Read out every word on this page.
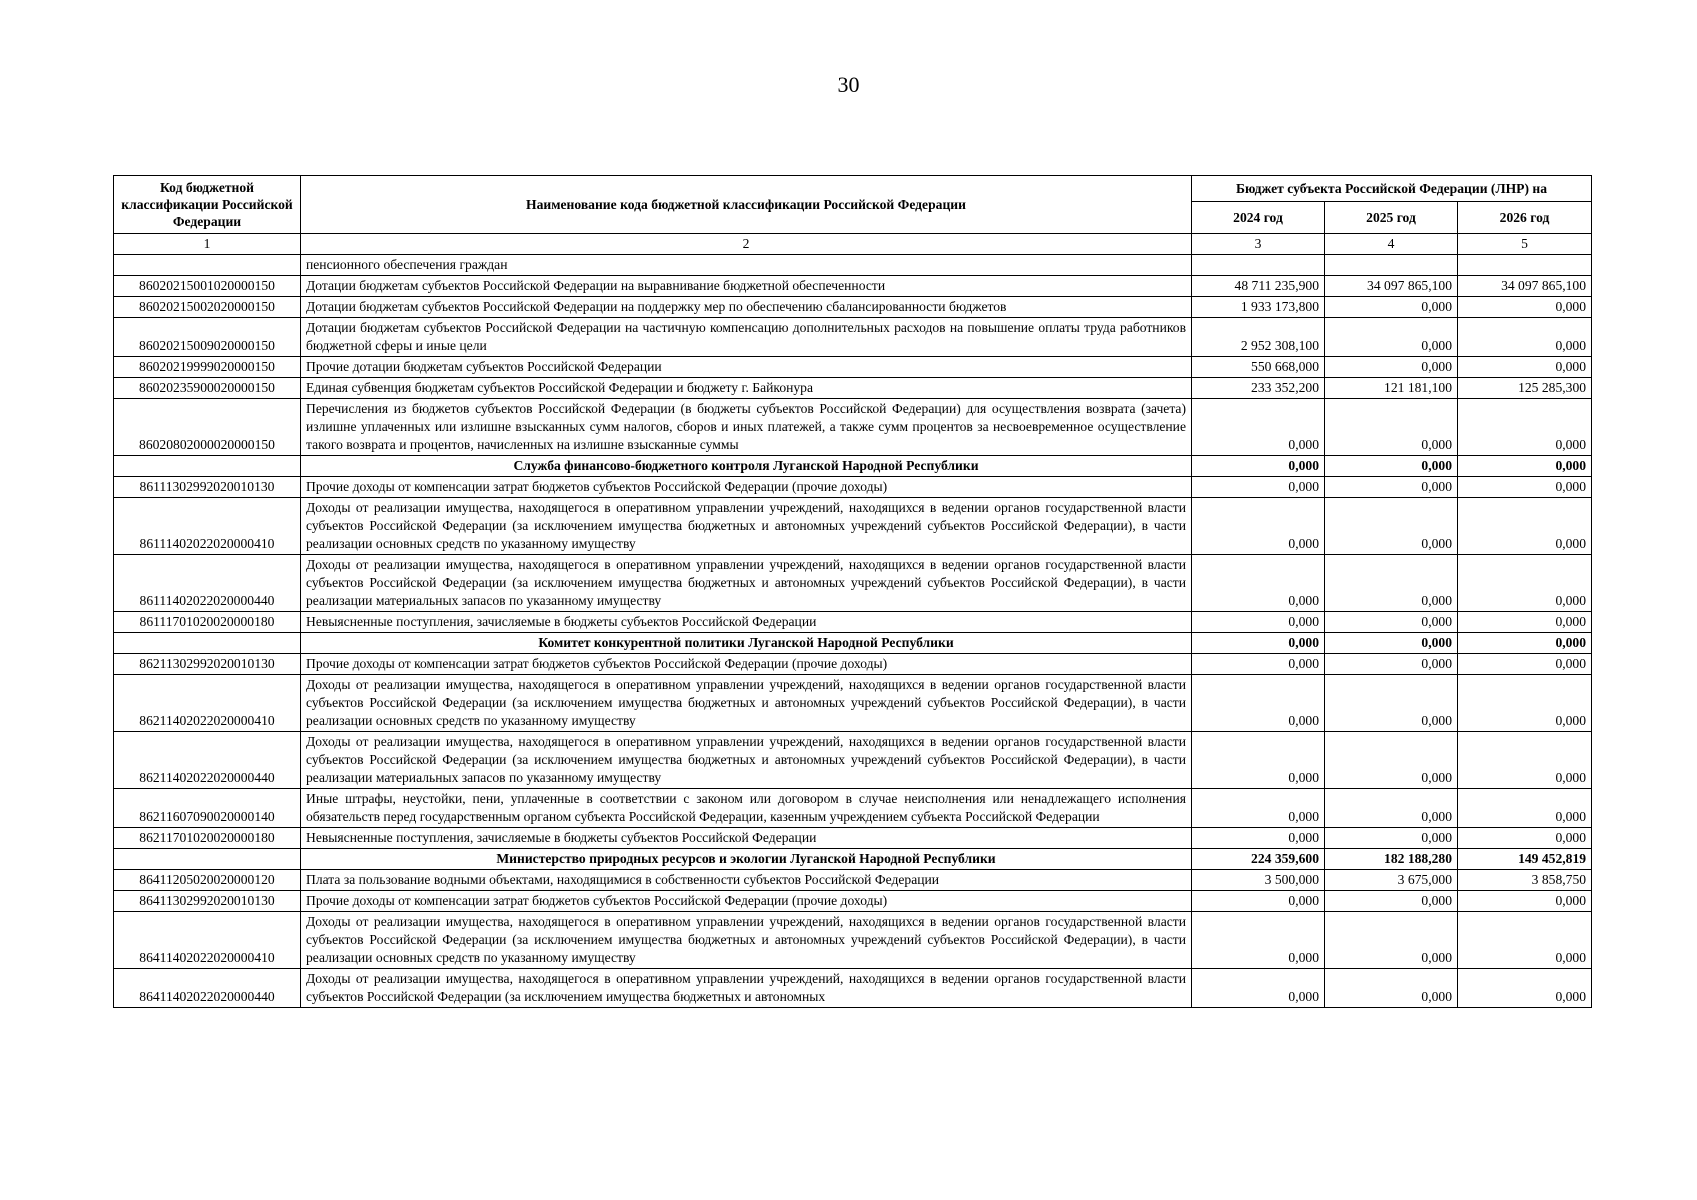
30
Код бюджетной классификации Российской Федерации	Наименование кода бюджетной классификации Российской Федерации	Бюджет субъекта Российской Федерации (ЛНР) на		
		2024 год	2025 год	2026 год
1	2	3	4	5
	пенсионного обеспечения граждан			
86020215001020000150	Дотации бюджетам субъектов Российской Федерации на выравнивание бюджетной обеспеченности	48 711 235,900	34 097 865,100	34 097 865,100
86020215002020000150	Дотации бюджетам субъектов Российской Федерации на поддержку мер по обеспечению сбалансированности бюджетов	1 933 173,800	0,000	0,000
86020215009020000150	Дотации бюджетам субъектов Российской Федерации на частичную компенсацию дополнительных расходов на повышение оплаты труда работников бюджетной сферы и иные цели	2 952 308,100	0,000	0,000
86020219999020000150	Прочие дотации бюджетам субъектов Российской Федерации	550 668,000	0,000	0,000
86020235900020000150	Единая субвенция бюджетам субъектов Российской Федерации и бюджету г. Байконура	233 352,200	121 181,100	125 285,300
86020802000020000150	Перечисления из бюджетов субъектов Российской Федерации (в бюджеты субъектов Российской Федерации) для осуществления возврата (зачета) излишне уплаченных или излишне взысканных сумм налогов, сборов и иных платежей, а также сумм процентов за несвоевременное осуществление такого возврата и процентов, начисленных на излишне взысканные суммы	0,000	0,000	0,000
	Служба финансово-бюджетного контроля Луганской Народной Республики	0,000	0,000	0,000
86111302992020010130	Прочие доходы от компенсации затрат бюджетов субъектов Российской Федерации (прочие доходы)	0,000	0,000	0,000
86111402022020000410	Доходы от реализации имущества, находящегося в оперативном управлении учреждений, находящихся в ведении органов государственной власти субъектов Российской Федерации (за исключением имущества бюджетных и автономных учреждений субъектов Российской Федерации), в части реализации основных средств по указанному имуществу	0,000	0,000	0,000
86111402022020000440	Доходы от реализации имущества, находящегося в оперативном управлении учреждений, находящихся в ведении органов государственной власти субъектов Российской Федерации (за исключением имущества бюджетных и автономных учреждений субъектов Российской Федерации), в части реализации материальных запасов по указанному имуществу	0,000	0,000	0,000
86111701020020000180	Невыясненные поступления, зачисляемые в бюджеты субъектов Российской Федерации	0,000	0,000	0,000
	Комитет конкурентной политики Луганской Народной Республики	0,000	0,000	0,000
86211302992020010130	Прочие доходы от компенсации затрат бюджетов субъектов Российской Федерации (прочие доходы)	0,000	0,000	0,000
86211402022020000410	Доходы от реализации имущества, находящегося в оперативном управлении учреждений, находящихся в ведении органов государственной власти субъектов Российской Федерации (за исключением имущества бюджетных и автономных учреждений субъектов Российской Федерации), в части реализации основных средств по указанному имуществу	0,000	0,000	0,000
86211402022020000440	Доходы от реализации имущества, находящегося в оперативном управлении учреждений, находящихся в ведении органов государственной власти субъектов Российской Федерации (за исключением имущества бюджетных и автономных учреждений субъектов Российской Федерации), в части реализации материальных запасов по указанному имуществу	0,000	0,000	0,000
86211607090020000140	Иные штрафы, неустойки, пени, уплаченные в соответствии с законом или договором в случае неисполнения или ненадлежащего исполнения обязательств перед государственным органом субъекта Российской Федерации, казенным учреждением субъекта Российской Федерации	0,000	0,000	0,000
86211701020020000180	Невыясненные поступления, зачисляемые в бюджеты субъектов Российской Федерации	0,000	0,000	0,000
	Министерство природных ресурсов и экологии Луганской Народной Республики	224 359,600	182 188,280	149 452,819
86411205020020000120	Плата за пользование водными объектами, находящимися в собственности субъектов Российской Федерации	3 500,000	3 675,000	3 858,750
86411302992020010130	Прочие доходы от компенсации затрат бюджетов субъектов Российской Федерации (прочие доходы)	0,000	0,000	0,000
86411402022020000410	Доходы от реализации имущества, находящегося в оперативном управлении учреждений, находящихся в ведении органов государственной власти субъектов Российской Федерации (за исключением имущества бюджетных и автономных учреждений субъектов Российской Федерации), в части реализации основных средств по указанному имуществу	0,000	0,000	0,000
86411402022020000440	Доходы от реализации имущества, находящегося в оперативном управлении учреждений, находящихся в ведении органов государственной власти субъектов Российской Федерации (за исключением имущества бюджетных и автономных	0,000	0,000	0,000
